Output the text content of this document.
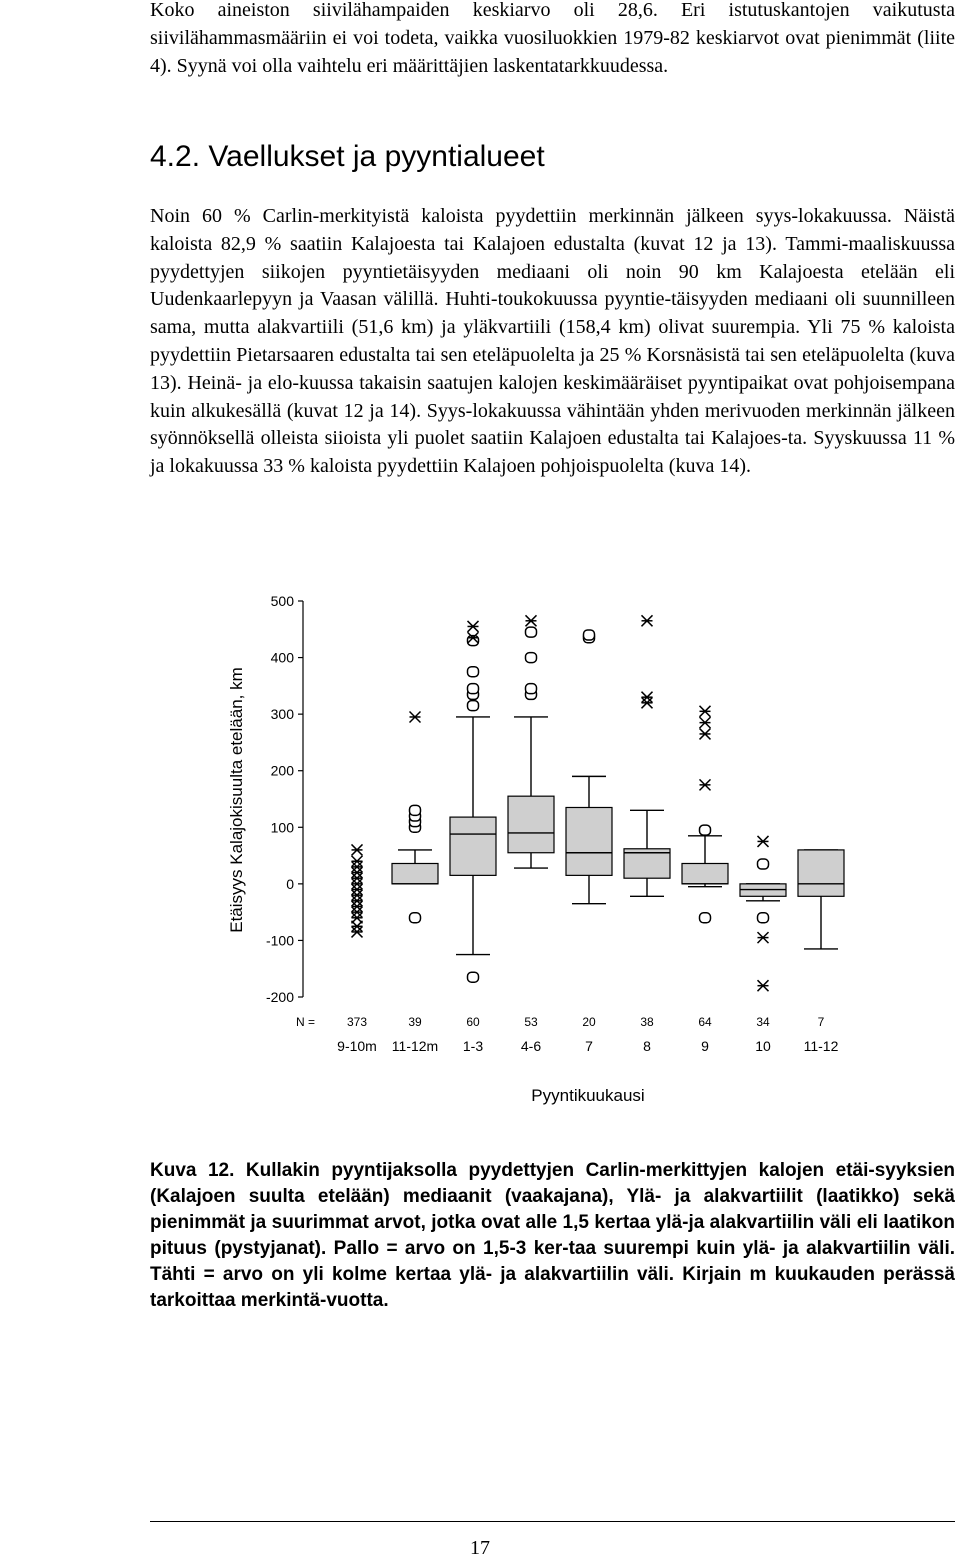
Koko aineiston siivilähampaiden keskiarvo oli 28,6. Eri istutuskantojen vaikutusta siivilähammasmääriin ei voi todeta, vaikka vuosiluokkien 1979-82 keskiarvot ovat pienimmät (liite 4). Syynä voi olla vaihtelu eri määrittäjien laskentatarkkuudessa.

4.2. Vaellukset ja pyyntialueet

Noin 60 % Carlin-merkityistä kaloista pyydettiin merkinnän jälkeen syys-lokakuussa. Näistä kaloista 82,9 % saatiin Kalajoesta tai Kalajoen edustalta (kuvat 12 ja 13). Tammi-maaliskuussa pyydettyjen siikojen pyyntietäisyyden mediaani oli noin 90 km Kalajoesta etelään eli Uudenkaarlepyyn ja Vaasan välillä. Huhti-toukokuussa pyyntie-täisyyden mediaani oli suunnilleen sama, mutta alakvartiili (51,6 km) ja yläkvartiili (158,4 km) olivat suurempia. Yli 75 % kaloista pyydettiin Pietarsaaren edustalta tai sen eteläpuolelta ja 25 % Korsnäsistä tai sen eteläpuolelta (kuva 13). Heinä- ja elo-kuussa takaisin saatujen kalojen keskimääräiset pyyntipaikat ovat pohjoisempana kuin alkukesällä (kuvat 12 ja 14). Syys-lokakuussa vähintään yhden merivuoden merkinnän jälkeen syönnöksellä olleista siioista yli puolet saatiin Kalajoen edustalta tai Kalajoes-ta. Syyskuussa 11 % ja lokakuussa 33 % kaloista pyydettiin Kalajoen pohjoispuolelta (kuva 14).

-200
-100
0
100
200
300
400
500
373
9-10m
39
11-12m
60
1-3
53
4-6
20
7
38
8
64
9
34
10
7
11-12
Etäisyys Kalajokisuulta etelään, km
N =
Pyyntikuukausi

Kuva 12. Kullakin pyyntijaksolla pyydettyjen Carlin-merkittyjen kalojen etäi-syyksien (Kalajoen suulta etelään) mediaanit (vaakajana), Ylä- ja alakvartiilit (laatikko) sekä pienimmät ja suurimmat arvot, jotka ovat alle 1,5 kertaa ylä-ja alakvartiilin väli eli laatikon pituus (pystyjanat). Pallo = arvo on 1,5-3 ker-taa suurempi kuin ylä- ja alakvartiilin väli. Tähti = arvo on yli kolme kertaa ylä- ja alakvartiilin väli. Kirjain m kuukauden perässä tarkoittaa merkintä-vuotta.

17
